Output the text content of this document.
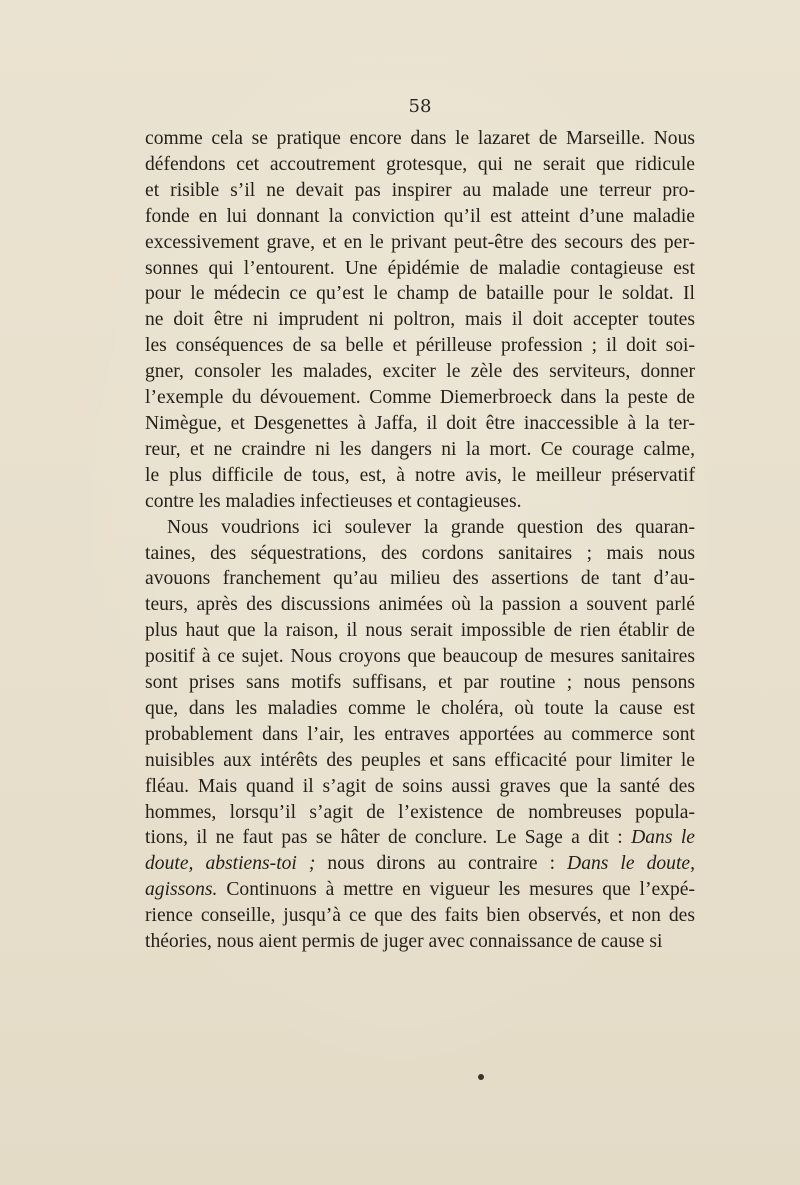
58

comme cela se pratique encore dans le lazaret de Marseille. Nous
défendons cet accoutrement grotesque, qui ne serait que ridicule
et risible s’il ne devait pas inspirer au malade une terreur pro-
fonde en lui donnant la conviction qu’il est atteint d’une maladie
excessivement grave, et en le privant peut-être des secours des per-
sonnes qui l’entourent. Une épidémie de maladie contagieuse est
pour le médecin ce qu’est le champ de bataille pour le soldat. Il
ne doit être ni imprudent ni poltron, mais il doit accepter toutes
les conséquences de sa belle et périlleuse profession ; il doit soi-
gner, consoler les malades, exciter le zèle des serviteurs, donner
l’exemple du dévouement. Comme Diemerbroeck dans la peste de
Nimègue, et Desgenettes à Jaffa, il doit être inaccessible à la ter-
reur, et ne craindre ni les dangers ni la mort. Ce courage calme,
le plus difficile de tous, est, à notre avis, le meilleur préservatif
contre les maladies infectieuses et contagieuses.

Nous voudrions ici soulever la grande question des quaran-
taines, des séquestrations, des cordons sanitaires ; mais nous
avouons franchement qu’au milieu des assertions de tant d’au-
teurs, après des discussions animées où la passion a souvent parlé
plus haut que la raison, il nous serait impossible de rien établir de
positif à ce sujet. Nous croyons que beaucoup de mesures sanitaires
sont prises sans motifs suffisans, et par routine ; nous pensons
que, dans les maladies comme le choléra, où toute la cause est
probablement dans l’air, les entraves apportées au commerce sont
nuisibles aux intérêts des peuples et sans efficacité pour limiter le
fléau. Mais quand il s’agit de soins aussi graves que la santé des
hommes, lorsqu’il s’agit de l’existence de nombreuses popula-
tions, il ne faut pas se hâter de conclure. Le Sage a dit : Dans le
doute, abstiens-toi ; nous dirons au contraire : Dans le doute,
agissons. Continuons à mettre en vigueur les mesures que l’expé-
rience conseille, jusqu’à ce que des faits bien observés, et non des
théories, nous aient permis de juger avec connaissance de cause si
